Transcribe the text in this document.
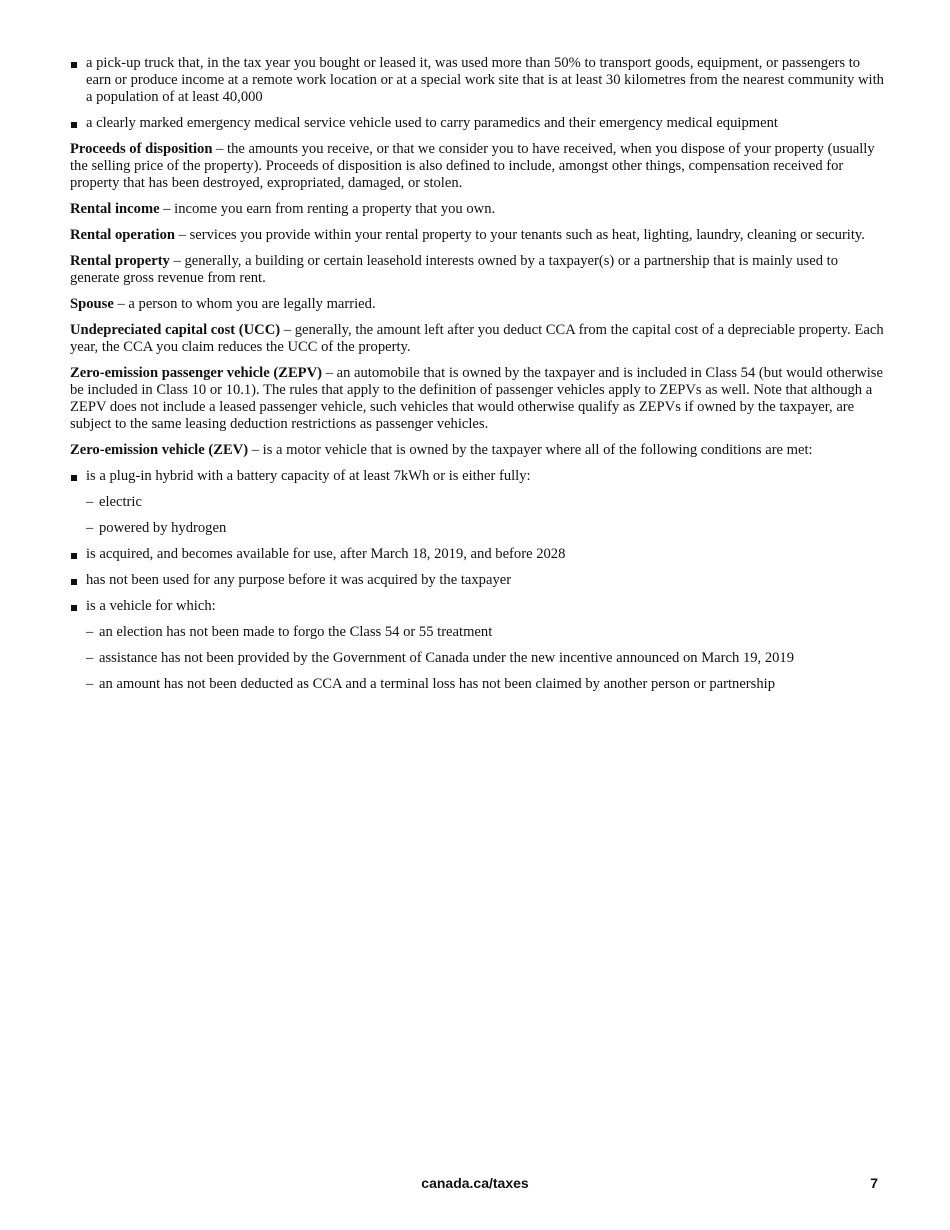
a pick-up truck that, in the tax year you bought or leased it, was used more than 50% to transport goods, equipment, or passengers to earn or produce income at a remote work location or at a special work site that is at least 30 kilometres from the nearest community with a population of at least 40,000
a clearly marked emergency medical service vehicle used to carry paramedics and their emergency medical equipment

Proceeds of disposition – the amounts you receive, or that we consider you to have received, when you dispose of your property (usually the selling price of the property). Proceeds of disposition is also defined to include, amongst other things, compensation received for property that has been destroyed, expropriated, damaged, or stolen.

Rental income – income you earn from renting a property that you own.

Rental operation – services you provide within your rental property to your tenants such as heat, lighting, laundry, cleaning or security.

Rental property – generally, a building or certain leasehold interests owned by a taxpayer(s) or a partnership that is mainly used to generate gross revenue from rent.

Spouse – a person to whom you are legally married.

Undepreciated capital cost (UCC) – generally, the amount left after you deduct CCA from the capital cost of a depreciable property. Each year, the CCA you claim reduces the UCC of the property.

Zero-emission passenger vehicle (ZEPV) – an automobile that is owned by the taxpayer and is included in Class 54 (but would otherwise be included in Class 10 or 10.1). The rules that apply to the definition of passenger vehicles apply to ZEPVs as well. Note that although a ZEPV does not include a leased passenger vehicle, such vehicles that would otherwise qualify as ZEPVs if owned by the taxpayer, are subject to the same leasing deduction restrictions as passenger vehicles.

Zero-emission vehicle (ZEV) – is a motor vehicle that is owned by the taxpayer where all of the following conditions are met:

is a plug-in hybrid with a battery capacity of at least 7kWh or is either fully:
– electric
– powered by hydrogen
is acquired, and becomes available for use, after March 18, 2019, and before 2028
has not been used for any purpose before it was acquired by the taxpayer
is a vehicle for which:
– an election has not been made to forgo the Class 54 or 55 treatment
– assistance has not been provided by the Government of Canada under the new incentive announced on March 19, 2019
– an amount has not been deducted as CCA and a terminal loss has not been claimed by another person or partnership
canada.ca/taxes	7
